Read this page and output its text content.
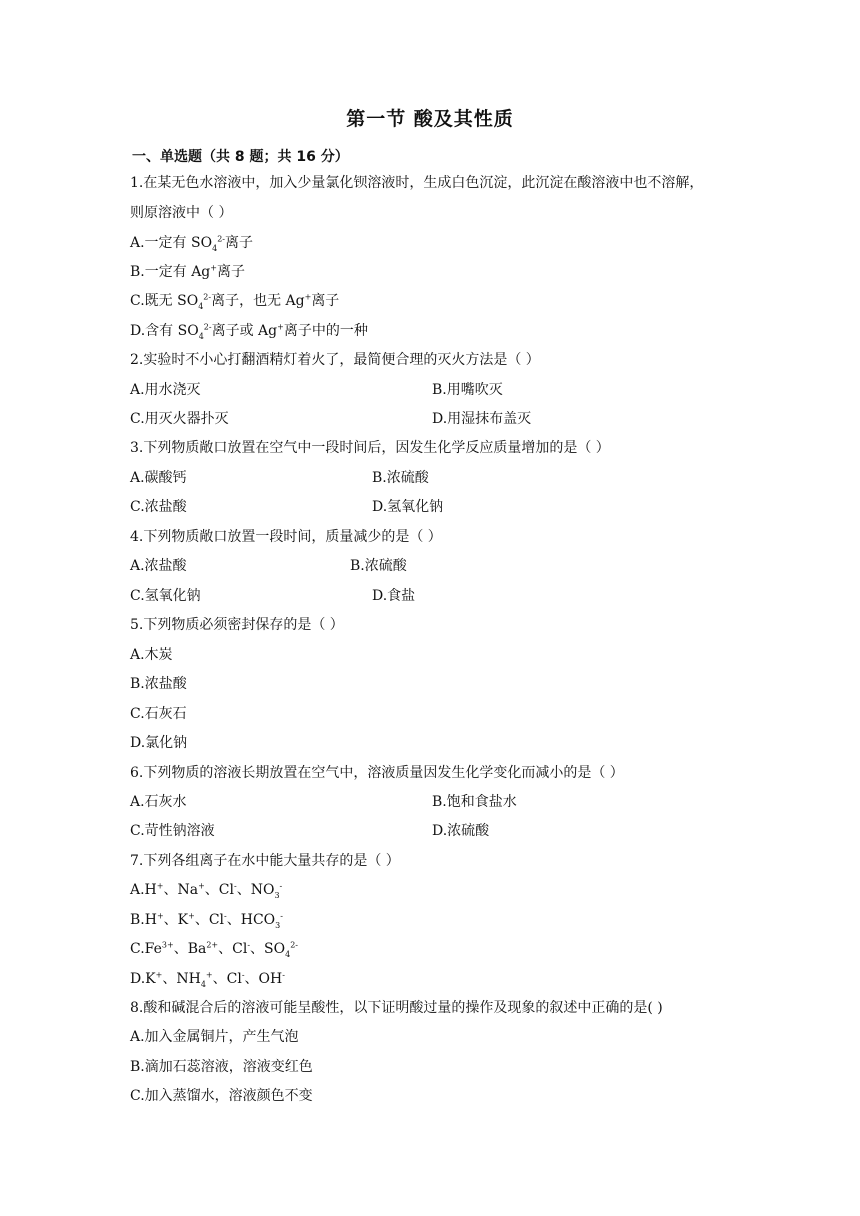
第一节 酸及其性质
一、单选题（共 8 题；共 16 分）
1.在某无色水溶液中，加入少量氯化钡溶液时，生成白色沉淀，此沉淀在酸溶液中也不溶解，
则原溶液中（ ）
A.一定有 $SO_4^{2-}$离子
B.一定有 Ag+离子
C.既无 $SO_4^{2-}$离子，也无 Ag+离子
D.含有 $SO_4^{2-}$离子或 Ag+离子中的一种
2.实验时不小心打翻酒精灯着火了，最简便合理的灭火方法是（ ）
A.用水浇灭	B.用嘴吹灭
C.用灭火器扑灭	D.用湿抹布盖灭
3.下列物质敞口放置在空气中一段时间后，因发生化学反应质量增加的是（ ）
A.碳酸钙	B.浓硫酸
C.浓盐酸	D.氢氧化钠
4.下列物质敞口放置一段时间，质量减少的是（ ）
A.浓盐酸	B.浓硫酸
C.氢氧化钠	D.食盐
5.下列物质必须密封保存的是（ ）
A.木炭
B.浓盐酸
C.石灰石
D.氯化钠
6.下列物质的溶液长期放置在空气中，溶液质量因发生化学变化而减小的是（ ）
A.石灰水	B.饱和食盐水
C.苛性钠溶液	D.浓硫酸
7.下列各组离子在水中能大量共存的是（ ）
A.H+、Na+、Cl-、$NO_3^-$
B.H+、K+、Cl-、$HCO_3^-$
$C.Fe^{3+}$、$Ba^{2+}$、Cl-、$SO_4^{2-}$
D.K+、$NH_4^+$、Cl-、OH-
8.酸和碱混合后的溶液可能呈酸性，以下证明酸过量的操作及现象的叙述中正确的是( )
A.加入金属铜片，产生气泡
B.滴加石蕊溶液，溶液变红色
C.加入蒸馏水，溶液颜色不变
